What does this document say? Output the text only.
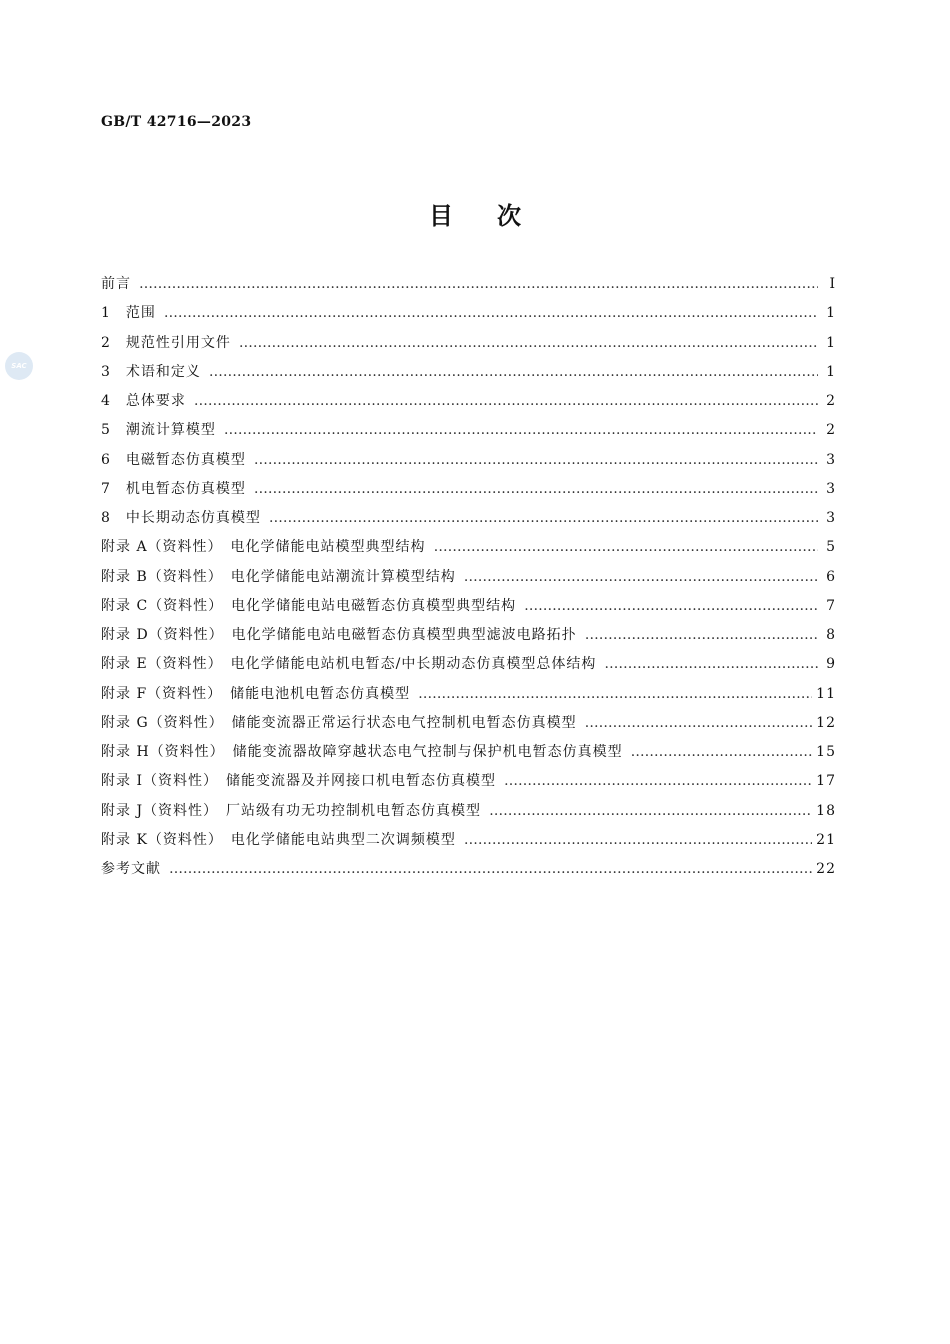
GB/T 42716—2023
目次
SAC
前言 …………………………………………………………………………………………………………………………………………………………	Ⅰ
1　范围 …………………………………………………………………………………………………………………………………………………………	1
2　规范性引用文件 …………………………………………………………………………………………………………………………………………………………	1
3　术语和定义 …………………………………………………………………………………………………………………………………………………………	1
4　总体要求 …………………………………………………………………………………………………………………………………………………………	2
5　潮流计算模型 …………………………………………………………………………………………………………………………………………………………	2
6　电磁暂态仿真模型 …………………………………………………………………………………………………………………………………………………………	3
7　机电暂态仿真模型 …………………………………………………………………………………………………………………………………………………………	3
8　中长期动态仿真模型 …………………………………………………………………………………………………………………………………………………………	3
附录 A（资料性）　电化学储能电站模型典型结构 …………………………………………………………………………………………………………………………………………………………	5
附录 B（资料性）　电化学储能电站潮流计算模型结构 …………………………………………………………………………………………………………………………………………………………	6
附录 C（资料性）　电化学储能电站电磁暂态仿真模型典型结构 …………………………………………………………………………………………………………………………………………………………	7
附录 D（资料性）　电化学储能电站电磁暂态仿真模型典型滤波电路拓扑 …………………………………………………………………………………………………………………………………………………………	8
附录 E（资料性）　电化学储能电站机电暂态/中长期动态仿真模型总体结构 …………………………………………………………………………………………………………………………………………………………	9
附录 F（资料性）　储能电池机电暂态仿真模型 …………………………………………………………………………………………………………………………………………………………	11
附录 G（资料性）　储能变流器正常运行状态电气控制机电暂态仿真模型 …………………………………………………………………………………………………………………………………………………………	12
附录 H（资料性）　储能变流器故障穿越状态电气控制与保护机电暂态仿真模型 …………………………………………………………………………………………………………………………………………………………	15
附录 I（资料性）　储能变流器及并网接口机电暂态仿真模型 …………………………………………………………………………………………………………………………………………………………	17
附录 J（资料性）　厂站级有功无功控制机电暂态仿真模型 …………………………………………………………………………………………………………………………………………………………	18
附录 K（资料性）　电化学储能电站典型二次调频模型 …………………………………………………………………………………………………………………………………………………………	21
参考文献 …………………………………………………………………………………………………………………………………………………………	22
